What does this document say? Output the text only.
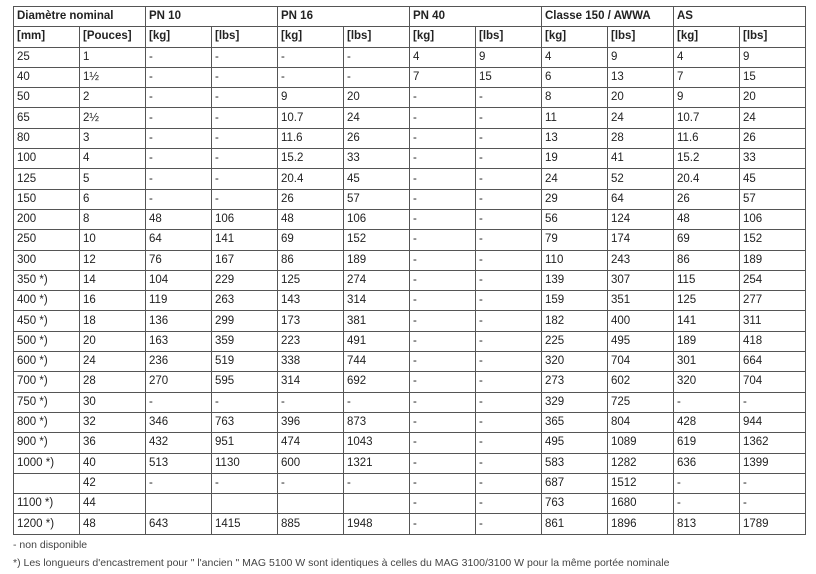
Diamètre nominal		PN 10		PN 16		PN 40		Classe 150 / AWWA		AS	
[mm]	[Pouces]	[kg]	[lbs]	[kg]	[lbs]	[kg]	[lbs]	[kg]	[lbs]	[kg]	[lbs]
25	1	-	-	-	-	4	9	4	9	4	9
40	1½	-	-	-	-	7	15	6	13	7	15
50	2	-	-	9	20	-	-	8	20	9	20
65	2½	-	-	10.7	24	-	-	11	24	10.7	24
80	3	-	-	11.6	26	-	-	13	28	11.6	26
100	4	-	-	15.2	33	-	-	19	41	15.2	33
125	5	-	-	20.4	45	-	-	24	52	20.4	45
150	6	-	-	26	57	-	-	29	64	26	57
200	8	48	106	48	106	-	-	56	124	48	106
250	10	64	141	69	152	-	-	79	174	69	152
300	12	76	167	86	189	-	-	110	243	86	189
350 *)	14	104	229	125	274	-	-	139	307	115	254
400 *)	16	119	263	143	314	-	-	159	351	125	277
450 *)	18	136	299	173	381	-	-	182	400	141	311
500 *)	20	163	359	223	491	-	-	225	495	189	418
600 *)	24	236	519	338	744	-	-	320	704	301	664
700 *)	28	270	595	314	692	-	-	273	602	320	704
750 *)	30	-	-	-	-	-	-	329	725	-	-
800 *)	32	346	763	396	873	-	-	365	804	428	944
900 *)	36	432	951	474	1043	-	-	495	1089	619	1362
1000 *)	40	513	1130	600	1321	-	-	583	1282	636	1399
	42	-	-	-	-	-	-	687	1512	-	-
1100 *)	44					-	-	763	1680	-	-
1200 *)	48	643	1415	885	1948	-	-	861	1896	813	1789
- non disponible
*) Les longueurs d'encastrement pour " l'ancien " MAG 5100 W sont identiques à celles du MAG 3100/3100 W pour la même portée nominale
